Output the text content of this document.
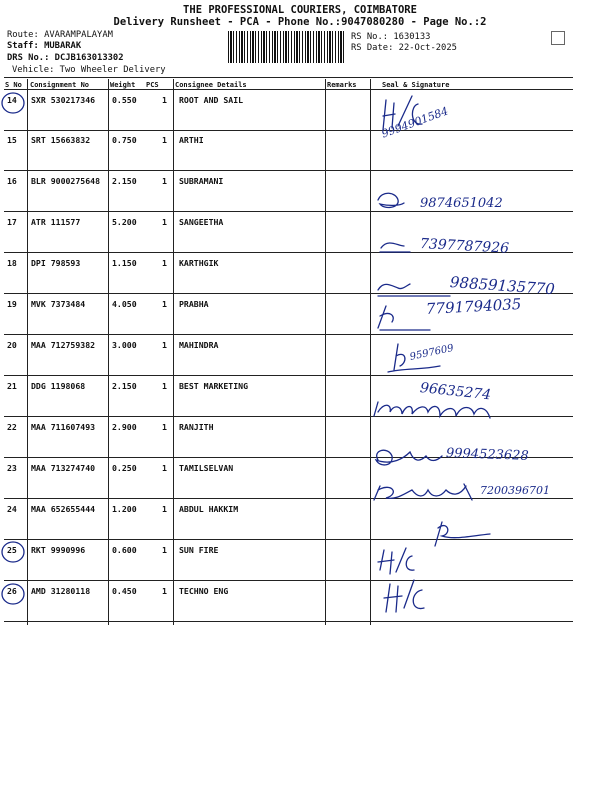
THE PROFESSIONAL COURIERS, COIMBATORE
Delivery Runsheet - PCA - Phone No.:9047080280 - Page No.:2
Route: AVARAMPALAYAM
Staff: MUBARAK
DRS No.: DCJB163013302
Vehicle: Two Wheeler Delivery
RS No.: 1630133
RS Date: 22-Oct-2025
S No Consignment No	Weight PCS Consignee Details	Remarks	Seal & Signature
14 SXR 530217346 0.550	1 ROOT AND SAIL
15 SRT 15663832	0.750	1 ARTHI
16 BLR 9000275648 2.150	1 SUBRAMANI
17 ATR 111577	5.200	1 SANGEETHA
18 DPI 798593	1.150	1 KARTHGIK
19 MVK 7373484	4.050	1 PRABHA
20 MAA 712759382 3.000	1 MAHINDRA
21 DDG 1198068	2.150	1 BEST MARKETING
22 MAA 711607493 2.900	1 RANJITH
23 MAA 713274740 0.250	1 TAMILSELVAN
24 MAA 652655444 1.200	1 ABDUL HAKKIM
25 RKT 9990996	0.600	1 SUN FIRE
26 AMD 31280118	0.450	1 TECHNO ENG
9994901584
9874651042
7397787926
98859135770
7791794035
9597609
96635274
9994523628
7200396701
